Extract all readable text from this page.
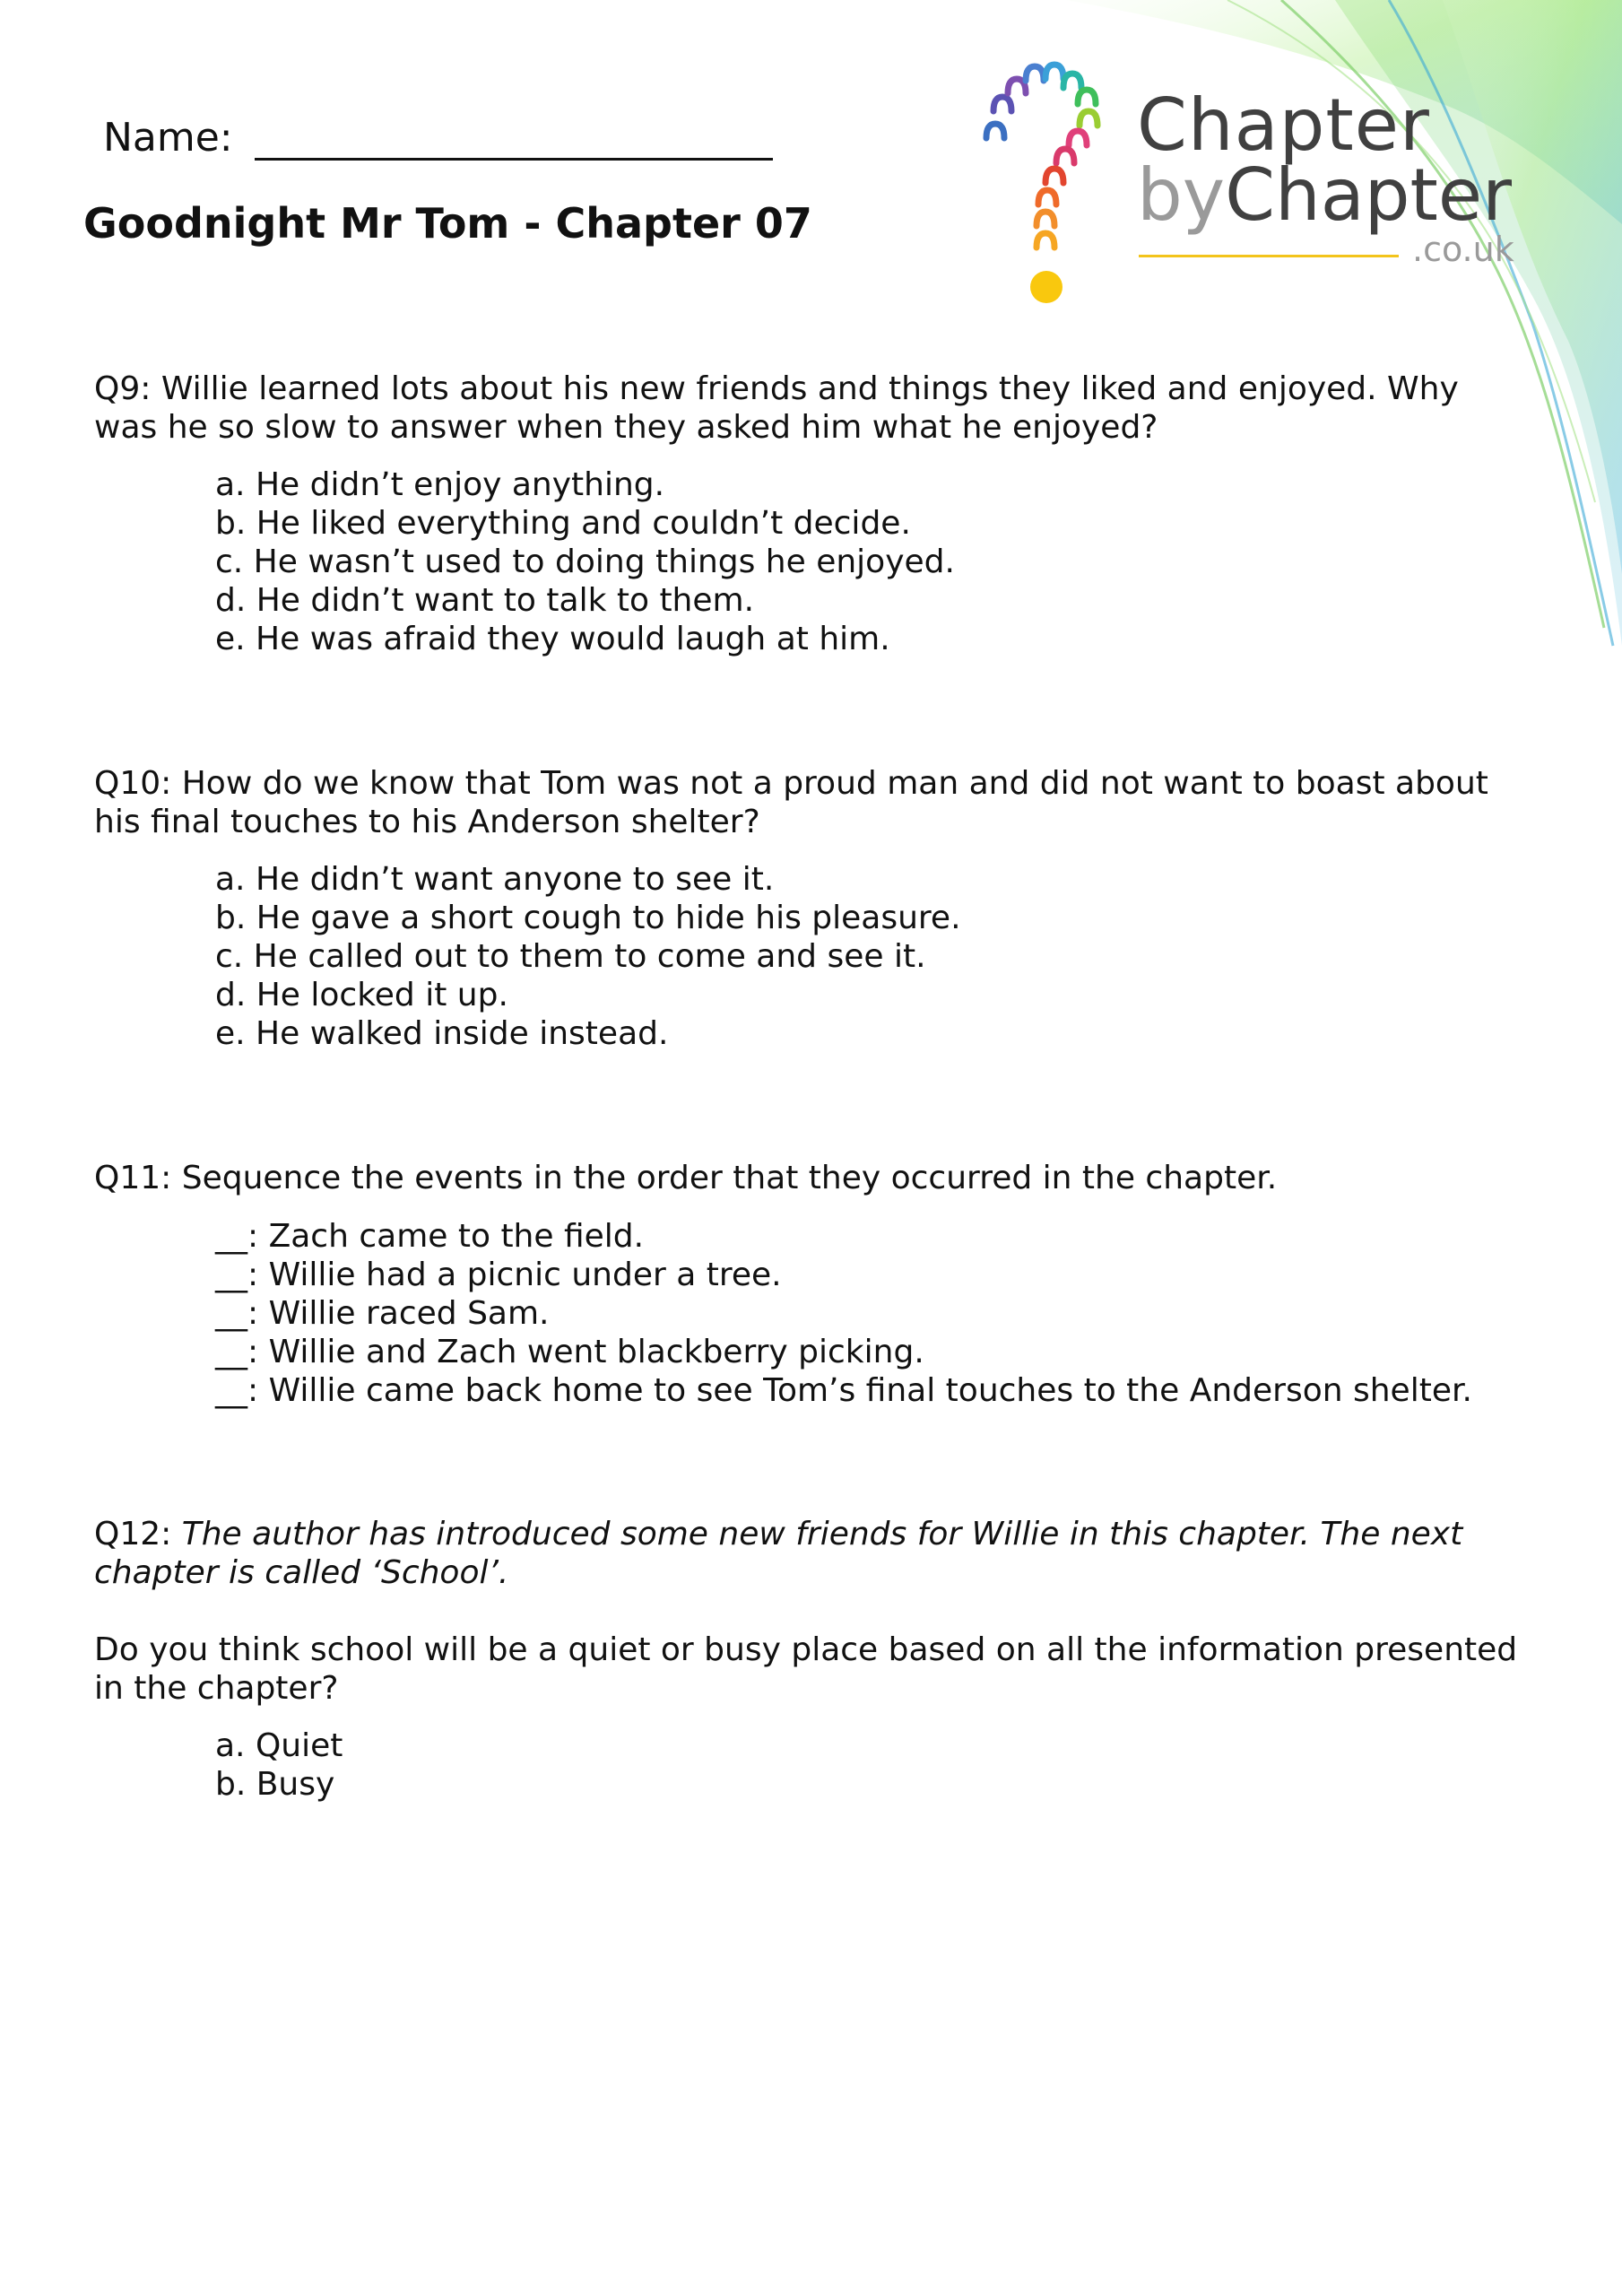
Name:
Goodnight Mr Tom - Chapter 07
Chapter
byChapter
.co.uk
Q9: Willie learned lots about his new friends and things they liked and enjoyed. Why was he so slow to answer when they asked him what he enjoyed?
a. He didn’t enjoy anything.
b. He liked everything and couldn’t decide.
c. He wasn’t used to doing things he enjoyed.
d. He didn’t want to talk to them.
e. He was afraid they would laugh at him.
Q10: How do we know that Tom was not a proud man and did not want to boast about his final touches to his Anderson shelter?
a. He didn’t want anyone to see it.
b. He gave a short cough to hide his pleasure.
c. He called out to them to come and see it.
d. He locked it up.
e. He walked inside instead.
Q11: Sequence the events in the order that they occurred in the chapter.
__: Zach came to the field.
__: Willie had a picnic under a tree.
__: Willie raced Sam.
__: Willie and Zach went blackberry picking.
__: Willie came back home to see Tom’s final touches to the Anderson shelter.
Q12: The author has introduced some new friends for Willie in this chapter. The next chapter is called ‘School’.
Do you think school will be a quiet or busy place based on all the information presented in the chapter?
a. Quiet
b. Busy
